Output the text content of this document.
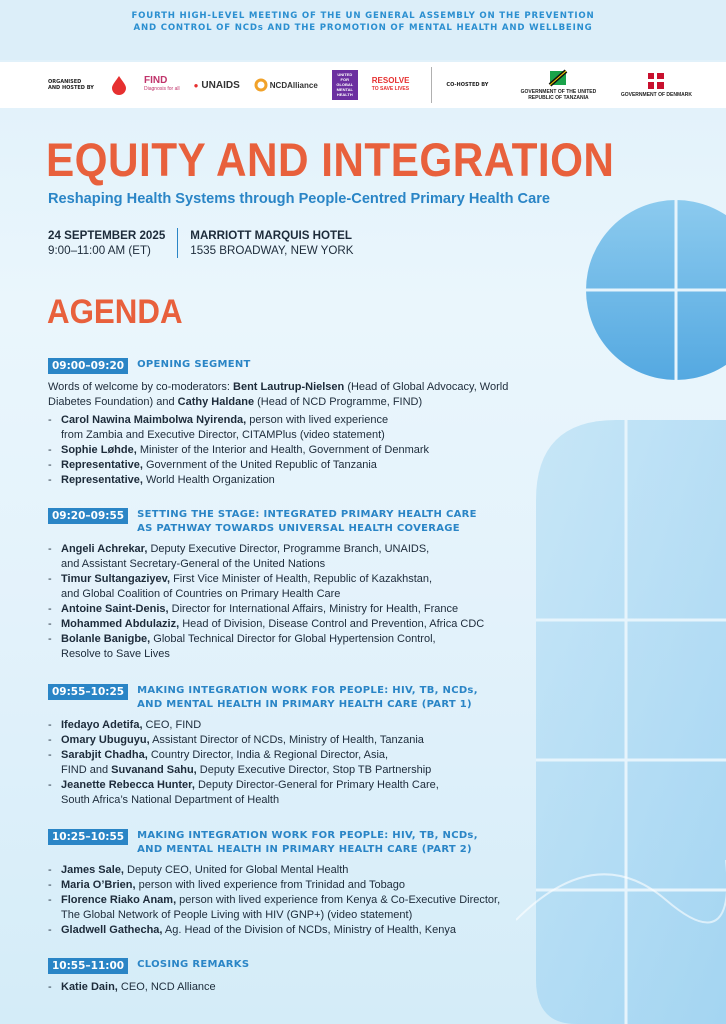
FOURTH HIGH-LEVEL MEETING OF THE UN GENERAL ASSEMBLY ON THE PREVENTION
AND CONTROL OF NCDs AND THE PROMOTION OF MENTAL HEALTH AND WELLBEING
ORGANISED
AND HOSTED BY
FIND
Diagnosis for all ● UNAIDS	NCDAlliance
UNITED FOR GLOBAL MENTAL HEALTH
RESOLVE
TO SAVE LIVES
CO-HOSTED BY
GOVERNMENT OF THE UNITED REPUBLIC OF TANZANIA	GOVERNMENT OF DENMARK
EQUITY AND INTEGRATION
Reshaping Health Systems through People-Centred Primary Health Care
24 SEPTEMBER 2025
9:00–11:00 AM (ET)
MARRIOTT MARQUIS HOTEL
1535 BROADWAY, NEW YORK
AGENDA
09:00–09:20	OPENING SEGMENT
Words of welcome by co-moderators: Bent Lautrup-Nielsen (Head of Global Advocacy, World Diabetes Foundation) and Cathy Haldane (Head of NCD Programme, FIND)
- Carol Nawina Maimbolwa Nyirenda, person with lived experience
from Zambia and Executive Director, CITAMPlus (video statement)
- Sophie Løhde, Minister of the Interior and Health, Government of Denmark
- Representative, Government of the United Republic of Tanzania
- Representative, World Health Organization
09:20–09:55	SETTING THE STAGE: INTEGRATED PRIMARY HEALTH CARE
AS PATHWAY TOWARDS UNIVERSAL HEALTH COVERAGE
- Angeli Achrekar, Deputy Executive Director, Programme Branch, UNAIDS,
and Assistant Secretary-General of the United Nations
- Timur Sultangaziyev, First Vice Minister of Health, Republic of Kazakhstan,
and Global Coalition of Countries on Primary Health Care
- Antoine Saint-Denis, Director for International Affairs, Ministry for Health, France
- Mohammed Abdulaziz, Head of Division, Disease Control and Prevention, Africa CDC
- Bolanle Banigbe, Global Technical Director for Global Hypertension Control,
Resolve to Save Lives
09:55–10:25	MAKING INTEGRATION WORK FOR PEOPLE: HIV, TB, NCDs,
AND MENTAL HEALTH IN PRIMARY HEALTH CARE (PART 1)
- Ifedayo Adetifa, CEO, FIND
- Omary Ubuguyu, Assistant Director of NCDs, Ministry of Health, Tanzania
- Sarabjit Chadha, Country Director, India & Regional Director, Asia,
FIND and Suvanand Sahu, Deputy Executive Director, Stop TB Partnership
- Jeanette Rebecca Hunter, Deputy Director-General for Primary Health Care,
South Africa’s National Department of Health
10:25–10:55	MAKING INTEGRATION WORK FOR PEOPLE: HIV, TB, NCDs,
AND MENTAL HEALTH IN PRIMARY HEALTH CARE (PART 2)
- James Sale, Deputy CEO, United for Global Mental Health
- Maria O’Brien, person with lived experience from Trinidad and Tobago
- Florence Riako Anam, person with lived experience from Kenya & Co-Executive Director,
The Global Network of People Living with HIV (GNP+) (video statement)
- Gladwell Gathecha, Ag. Head of the Division of NCDs, Ministry of Health, Kenya
10:55–11:00	CLOSING REMARKS
- Katie Dain, CEO, NCD Alliance
